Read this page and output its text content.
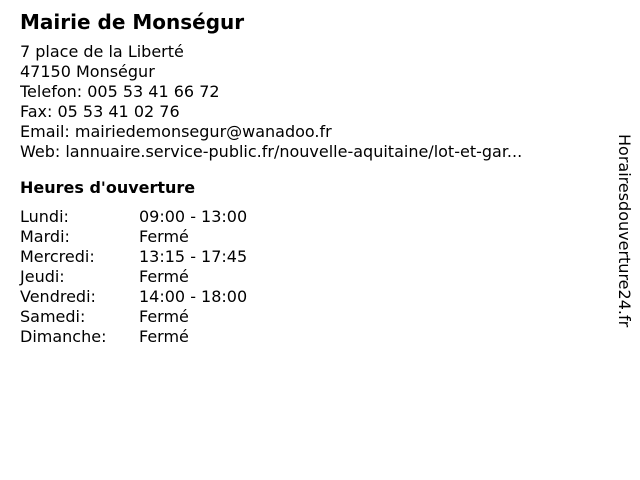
Mairie de Monségur
7 place de la Liberté
47150 Monségur
Telefon: 005 53 41 66 72
Fax: 05 53 41 02 76
Email: mairiedemonsegur@wanadoo.fr
Web: lannuaire.service-public.fr/nouvelle-aquitaine/lot-et-gar...
Heures d'ouverture
Lundi:	09:00 - 13:00
Mardi:	Fermé
Mercredi:	13:15 - 17:45
Jeudi:	Fermé
Vendredi:	14:00 - 18:00
Samedi:	Fermé
Dimanche:	Fermé
Horairesdouverture24.fr
